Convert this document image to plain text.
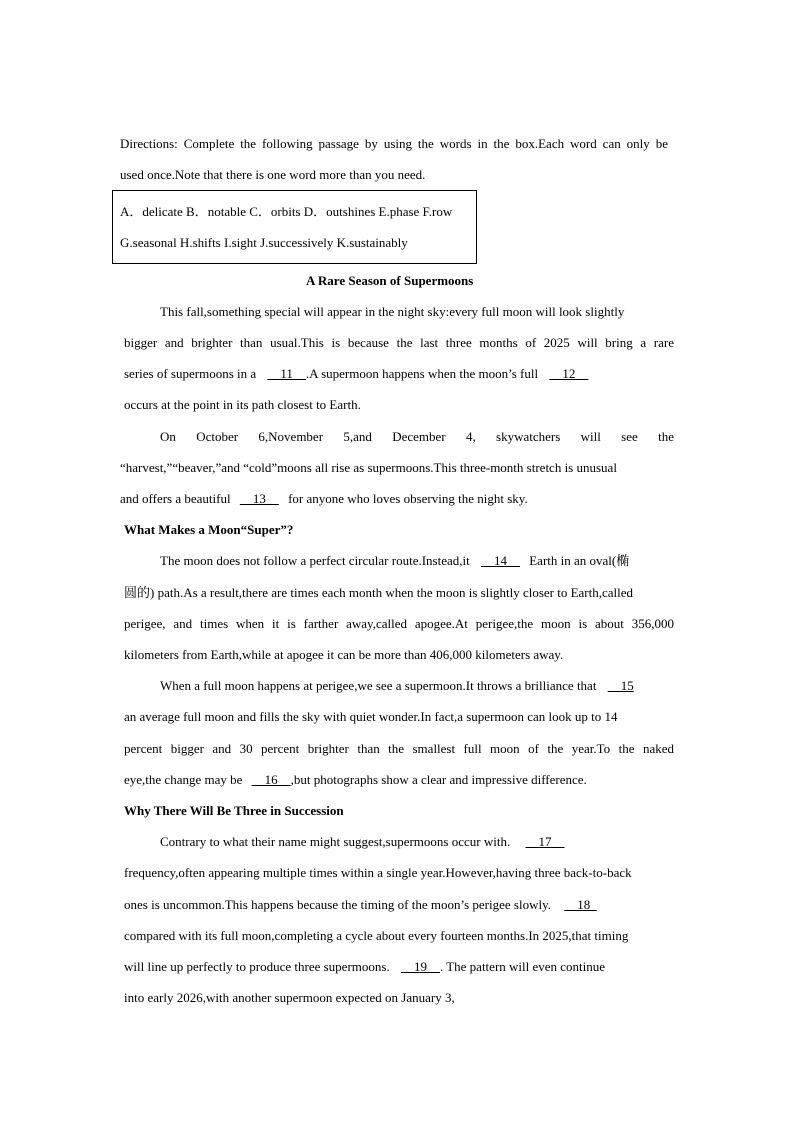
Directions: Complete the following passage by using the words in the box.Each word can only be
used once.Note that there is one word more than you need.
A．delicate B．notable C．orbits D．outshines E.phase F.row
G.seasonal H.shifts I.sight J.successively K.sustainably
A Rare Season of Supermoons
This fall,something special will appear in the night sky:every full moon will look slightly
bigger and brighter than usual.This is because the last three months of 2025 will bring a rare
series of supermoons in a     11    .A supermoon happens when the moon’s full     12
occurs at the point in its path closest to Earth.
On October 6,November 5,and December 4, skywatchers will see the
“harvest,”“beaver,”and “cold”moons all rise as supermoons.This three-month stretch is unusual
and offers a beautiful     13     for anyone who loves observing the night sky.
What Makes a Moon“Super”?
The moon does not follow a perfect circular route.Instead,it     14     Earth in an oval(椭
圆的) path.As a result,there are times each month when the moon is slightly closer to Earth,called
perigee, and times when it is farther away,called apogee.At perigee,the moon is about 356,000
kilometers from Earth,while at apogee it can be more than 406,000 kilometers away.
When a full moon happens at perigee,we see a supermoon.It throws a brilliance that     15
an average full moon and fills the sky with quiet wonder.In fact,a supermoon can look up to 14
percent bigger and 30 percent brighter than the smallest full moon of the year.To the naked
eye,the change may be     16    ,but photographs show a clear and impressive difference.
Why There Will Be Three in Succession
Contrary to what their name might suggest,supermoons occur with.     17
frequency,often appearing multiple times within a single year.However,having three back-to-back
ones is uncommon.This happens because the timing of the moon’s perigee slowly.     18
compared with its full moon,completing a cycle about every fourteen months.In 2025,that timing
will line up perfectly to produce three supermoons.     19    . The pattern will even continue
into early 2026,with another supermoon expected on January 3,
